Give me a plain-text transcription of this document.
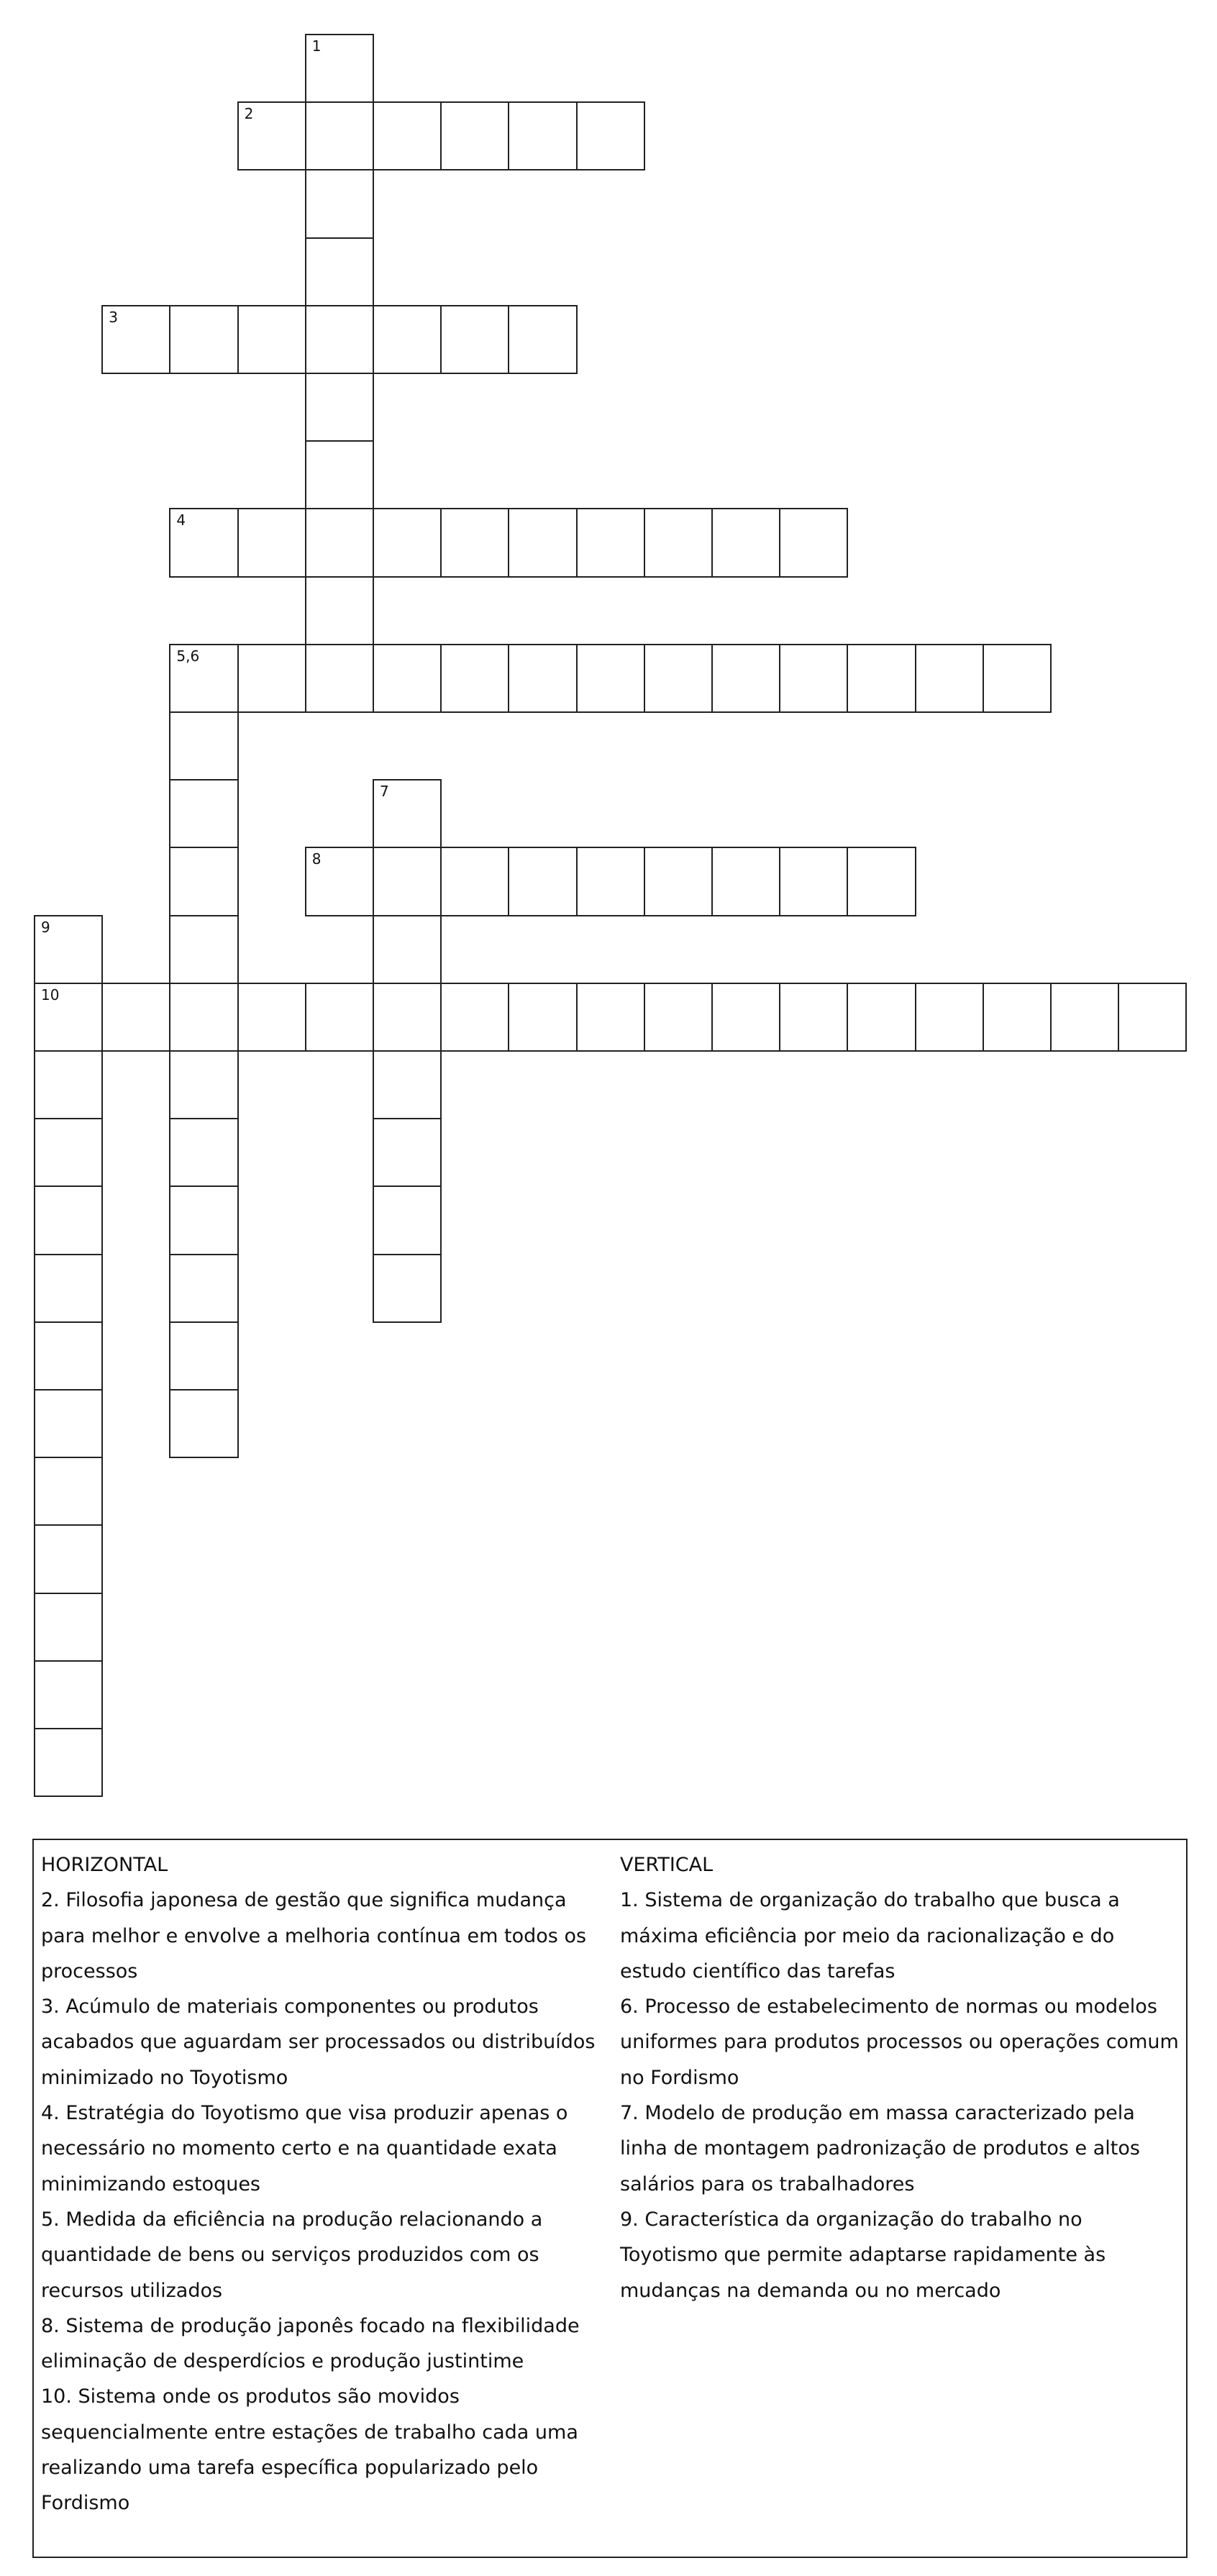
1
2
3
4
5,6
7
8
9
10
HORIZONTAL
2. Filosofia japonesa de gestão que significa mudança para melhor e envolve a melhoria contínua em todos os processos
3. Acúmulo de materiais componentes ou produtos acabados que aguardam ser processados ou distribuídos minimizado no Toyotismo
4. Estratégia do Toyotismo que visa produzir apenas o necessário no momento certo e na quantidade exata minimizando estoques
5. Medida da eficiência na produção relacionando a quantidade de bens ou serviços produzidos com os recursos utilizados
8. Sistema de produção japonês focado na flexibilidade eliminação de desperdícios e produção justintime
10. Sistema onde os produtos são movidos sequencialmente entre estações de trabalho cada uma realizando uma tarefa específica popularizado pelo Fordismo
VERTICAL
1. Sistema de organização do trabalho que busca a máxima eficiência por meio da racionalização e do estudo científico das tarefas
6. Processo de estabelecimento de normas ou modelos uniformes para produtos processos ou operações comum no Fordismo
7. Modelo de produção em massa caracterizado pela linha de montagem padronização de produtos e altos salários para os trabalhadores
9. Característica da organização do trabalho no Toyotismo que permite adaptarse rapidamente às mudanças na demanda ou no mercado
